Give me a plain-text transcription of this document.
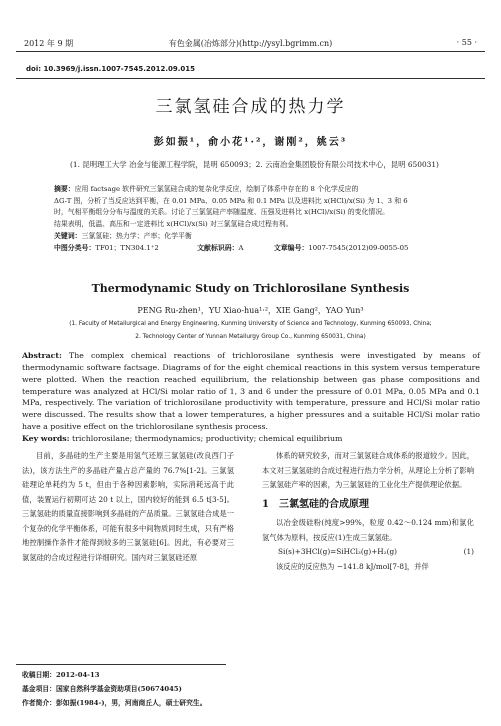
2012 年 9 期	有色金属(冶炼部分)(http://ysyl.bgrimm.cn)	· 55 ·
doi: 10.3969/j.issn.1007-7545.2012.09.015
三氯氢硅合成的热力学
彭如振¹，俞小花¹·²，谢刚²，姚云³
(1. 昆明理工大学 冶金与能源工程学院，昆明 650093；2. 云南冶金集团股份有限公司技术中心，昆明 650031)
摘要：应用 factsage 软件研究三氯氢硅合成的复杂化学反应，绘制了体系中存在的 8 个化学反应的
ΔG-T 图，分析了当反应达到平衡，在 0.01 MPa、0.05 MPa 和 0.1 MPa 以及进料比 x(HCl)/x(Si) 为 1、3 和 6
时，气相平衡组分分布与温度的关系。讨论了三氯氢硅产率随温度、压强及进料比 x(HCl)/x(Si) 的变化情况。
结果表明，低温、高压和一定进料比 x(HCl)/x(Si) 对三氯氢硅合成过程有利。
关键词：三氯氢硅；热力学；产率；化学平衡
中图分类号：TF01；TN304.1⁺2	文献标识码：A	文章编号：1007-7545(2012)09-0055-05
Thermodynamic Study on Trichlorosilane Synthesis
PENG Ru-zhen¹，YU Xiao-hua¹·²，XIE Gang²，YAO Yun³
(1. Faculty of Metallurgical and Energy Engineering, Kunming University of Science and Technology, Kunming 650093, China;
2. Technology Center of Yunnan Metallurgy Group Co., Kunming 650031, China)
Abstract: The complex chemical reactions of trichlorosilane synthesis were investigated by means of thermodynamic software factsage. Diagrams of for the eight chemical reactions in this system versus temperature were plotted. When the reaction reached equilibrium, the relationship between gas phase compositions and temperature was analyzed at HCl/Si molar ratio of 1, 3 and 6 under the pressure of 0.01 MPa, 0.05 MPa and 0.1 MPa, respectively. The variation of trichlorosilane productivity with temperature, pressure and HCl/Si molar ratio were discussed. The results show that a lower temperatures, a higher pressures and a suitable HCl/Si molar ratio have a positive effect on the trichlorosilane synthesis process.
Key words: trichlorosilane; thermodynamics; productivity; chemical equilibrium

目前，多晶硅的生产主要是用氢气还原三氯氢硅(改良西门子法)，该方法生产的多晶硅产量占总产量的 76.7%[1-2]。三氯氢硅理论单耗约为 5 t，但由于各种因素影响，实际消耗远高于此值，装置运行初期可达 20 t 以上，国内较好的能到 6.5 t[3-5]。三氯氢硅的质量直接影响到多晶硅的产品质量。三氯氢硅合成是一个复杂的化学平衡体系，可能有很多中间物质同时生成，只有严格地控制操作条件才能得到较多的三氯氢硅[6]。因此，有必要对三氯氢硅的合成过程进行详细研究。国内对三氯氢硅还原

体系的研究较多，而对三氯氢硅合成体系的报道较少。因此，本文对三氯氢硅的合成过程进行热力学分析，从理论上分析了影响三氯氢硅产率的因素，为三氯氢硅的工业化生产提供理论依据。

1　三氯氢硅的合成原理

以冶金级硅粉(纯度>99%，粒度 0.42～0.124 mm)和氯化氢气体为原料，按反应(1)生成三氯氢硅。

Si(s)+3HCl(g)=SiHCl₃(g)+H₂(g)	(1)

该反应的反应热为 −141.8 kJ/mol[7-8]，并伴

收稿日期：2012-04-13
基金项目：国家自然科学基金资助项目(50674045)
作者简介：彭如振(1984-)，男，河南商丘人，硕士研究生。
